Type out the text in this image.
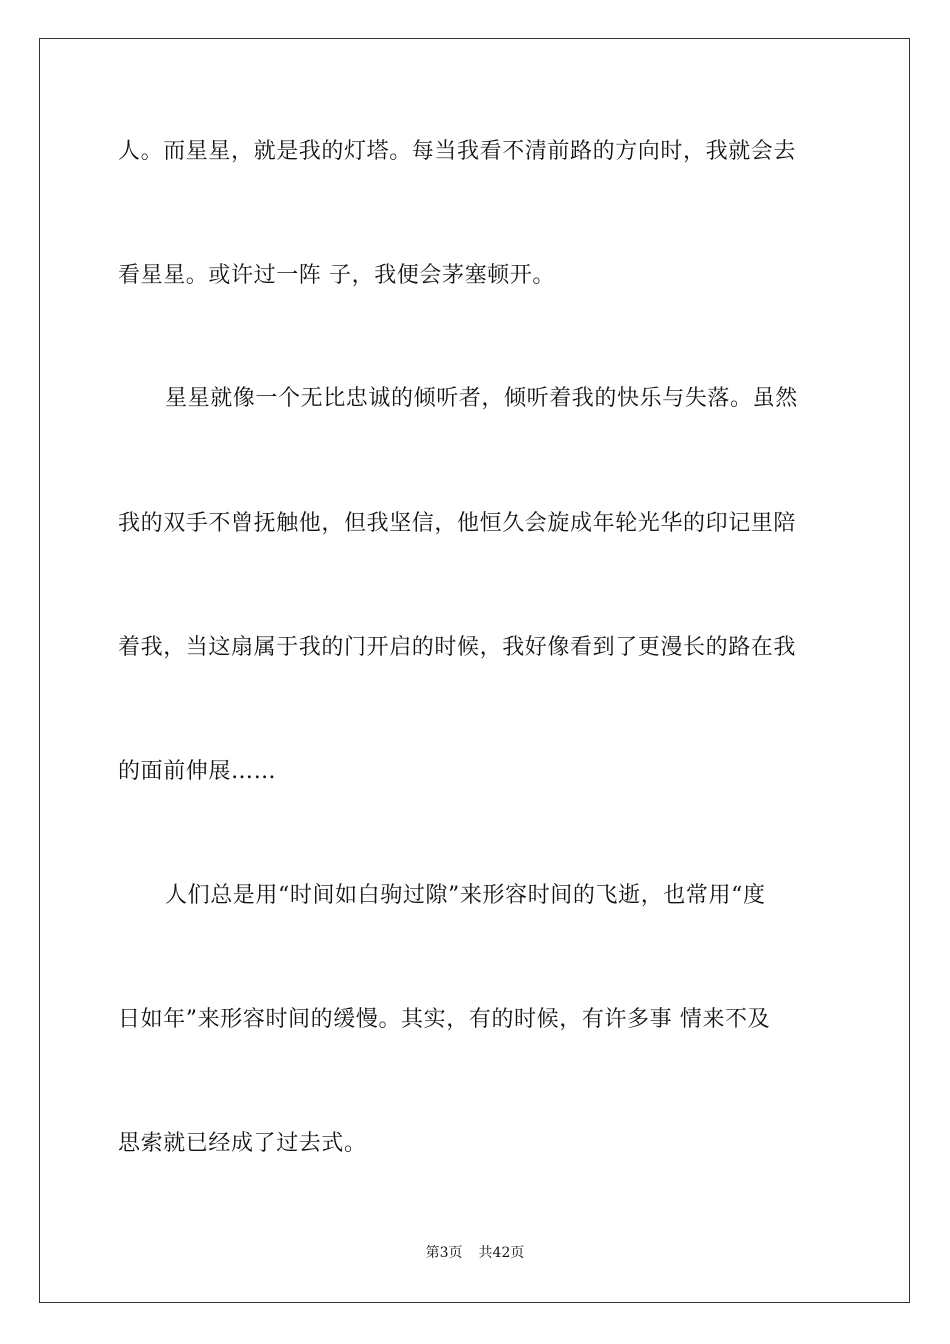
人。而星星，就是我的灯塔。每当我看不清前路的方向时，我就会去
看星星。或许过一阵 子，我便会茅塞顿开。
星星就像一个无比忠诚的倾听者，倾听着我的快乐与失落。虽然
我的双手不曾抚触他，但我坚信，他恒久会旋成年轮光华的印记里陪
着我，当这扇属于我的门开启的时候，我好像看到了更漫长的路在我
的面前伸展……
人们总是用“时间如白驹过隙”来形容时间的飞逝，也常用“度
日如年”来形容时间的缓慢。其实，有的时候，有许多事 情来不及
思索就已经成了过去式。
第3页 共42页
